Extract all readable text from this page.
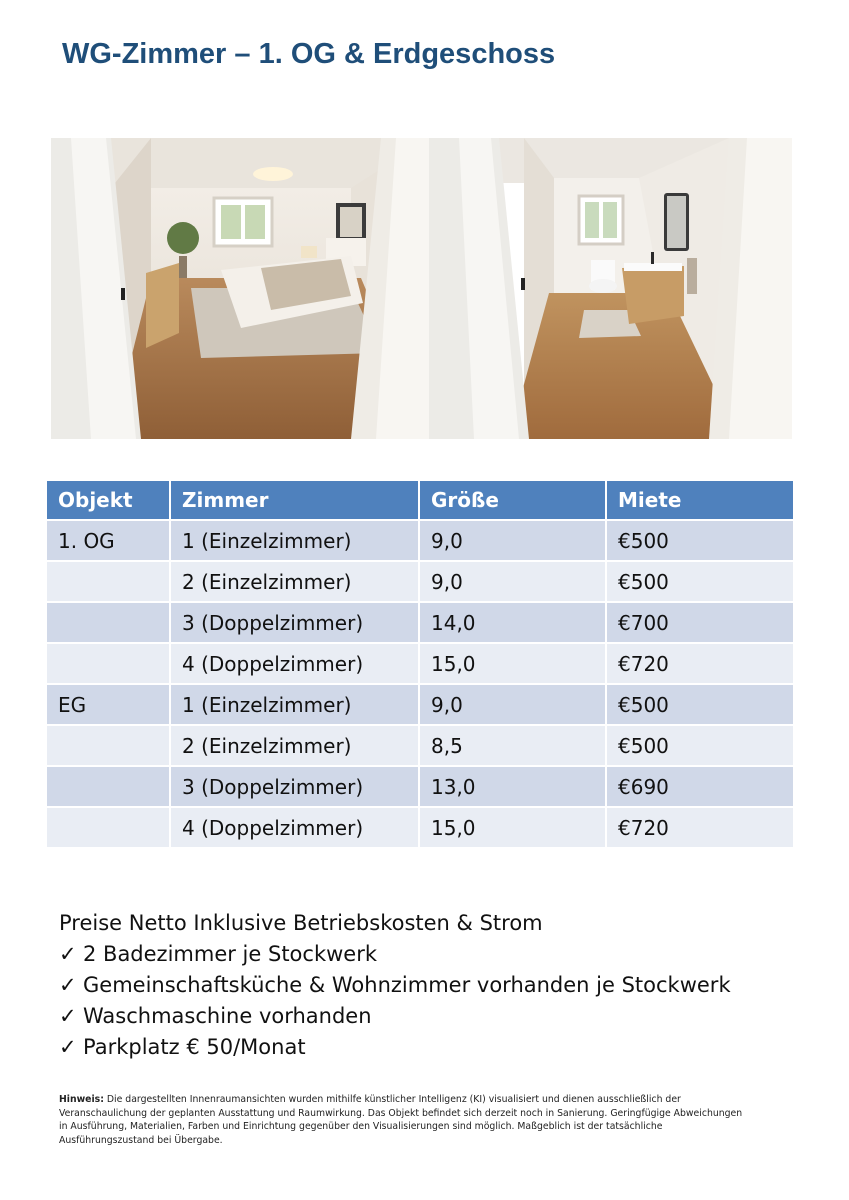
WG-Zimmer – 1. OG & Erdgeschoss
Objekt	Zimmer	Größe	Miete
1. OG	1 (Einzelzimmer)	9,0	€500
	2 (Einzelzimmer)	9,0	€500
	3 (Doppelzimmer)	14,0	€700
	4 (Doppelzimmer)	15,0	€720
EG	1 (Einzelzimmer)	9,0	€500
	2 (Einzelzimmer)	8,5	€500
	3 (Doppelzimmer)	13,0	€690
	4 (Doppelzimmer)	15,0	€720
Preise Netto Inklusive Betriebskosten & Strom
✓ 2 Badezimmer je Stockwerk
✓ Gemeinschaftsküche & Wohnzimmer vorhanden je Stockwerk
✓ Waschmaschine vorhanden
✓ Parkplatz € 50/Monat
Hinweis: Die dargestellten Innenraumansichten wurden mithilfe künstlicher Intelligenz (KI) visualisiert und dienen ausschließlich der Veranschaulichung der geplanten Ausstattung und Raumwirkung. Das Objekt befindet sich derzeit noch in Sanierung. Geringfügige Abweichungen in Ausführung, Materialien, Farben und Einrichtung gegenüber den Visualisierungen sind möglich. Maßgeblich ist der tatsächliche Ausführungszustand bei Übergabe.
